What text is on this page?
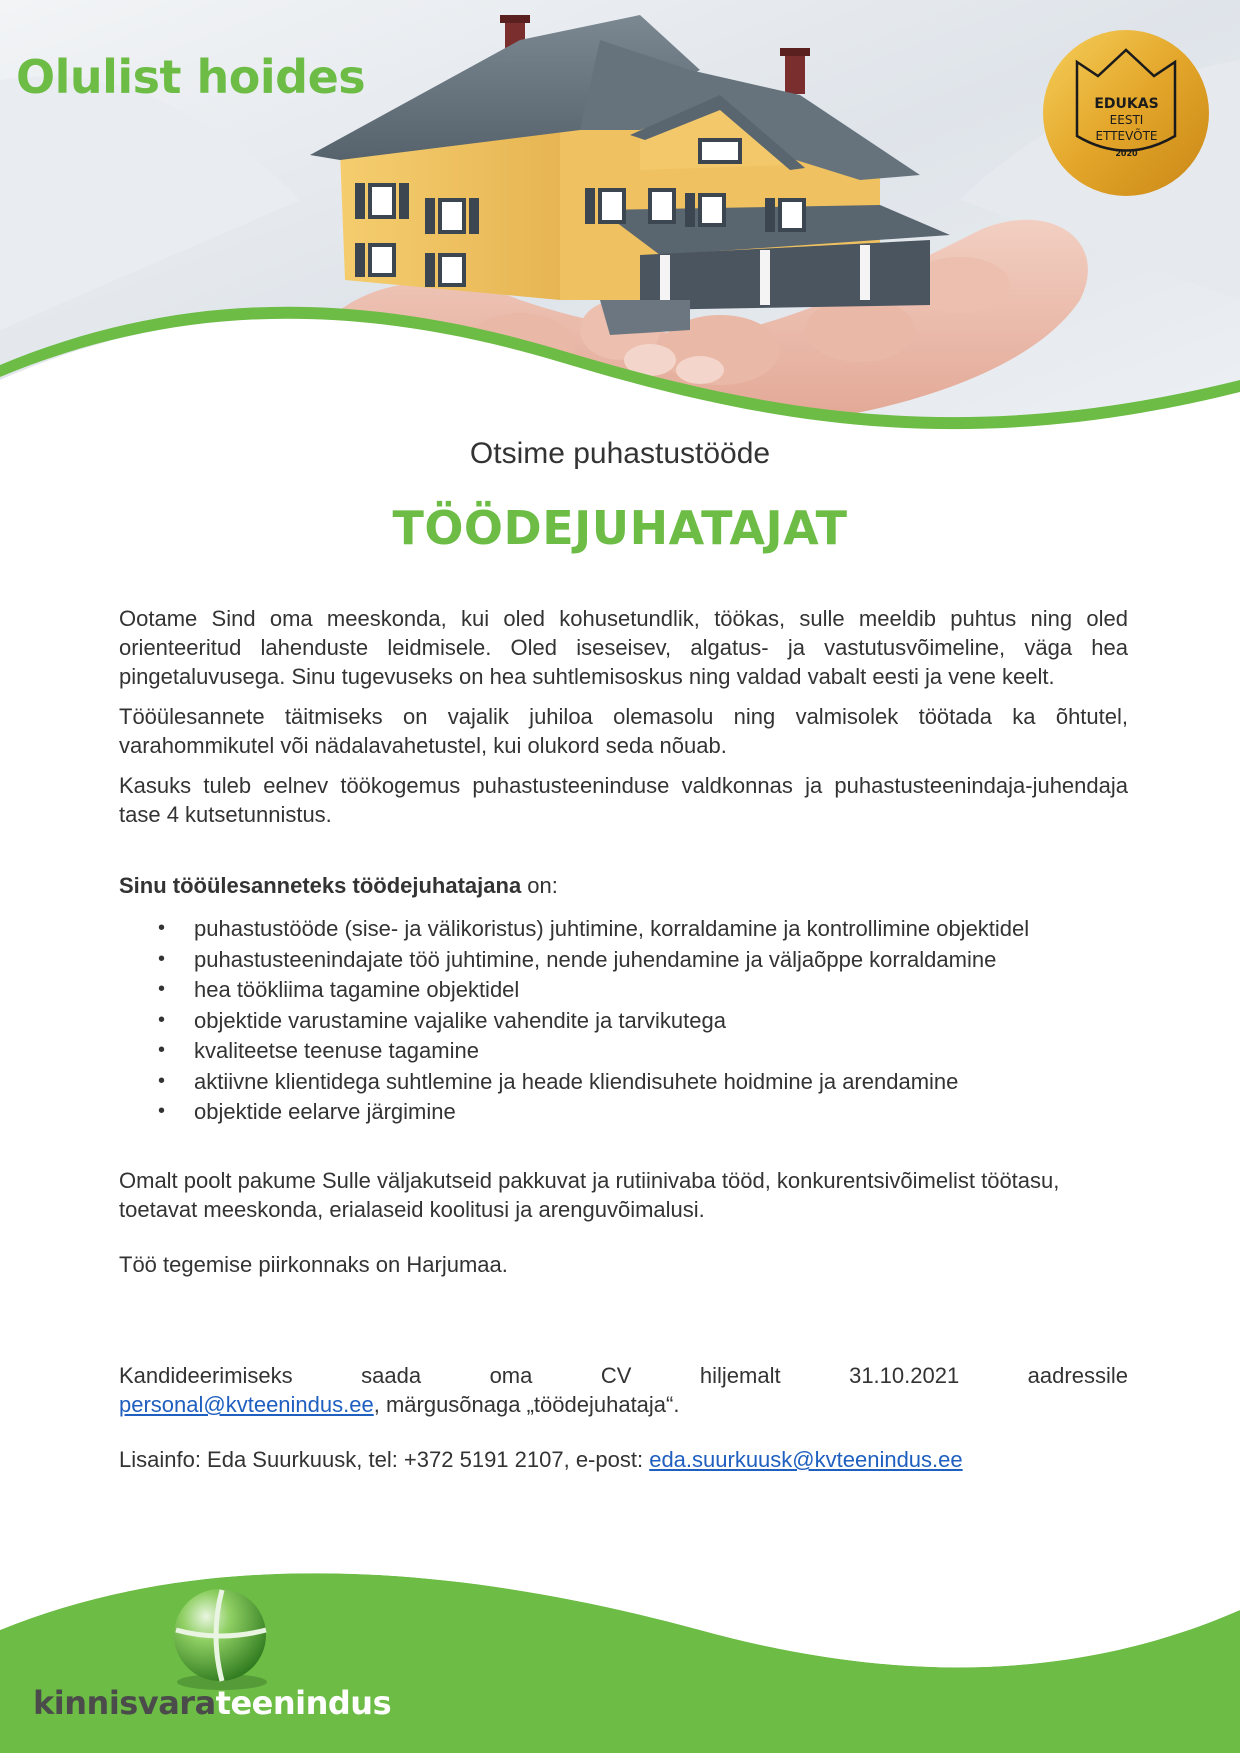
Olulist hoides	EDUKAS
EESTI
ETTEVÕTE
2020
Otsime puhastustööde
TÖÖDEJUHATAJAT

Ootame Sind oma meeskonda, kui oled kohusetundlik, töökas, sulle meeldib puhtus ning oled orienteeritud lahenduste leidmisele. Oled iseseisev, algatus- ja vastutusvõimeline, väga hea pingetaluvusega. Sinu tugevuseks on hea suhtlemisoskus ning valdad vabalt eesti ja vene keelt.

Tööülesannete täitmiseks on vajalik juhiloa olemasolu ning valmisolek töötada ka õhtutel, varahommikutel või nädalavahetustel, kui olukord seda nõuab.

Kasuks tuleb eelnev töökogemus puhastusteeninduse valdkonnas ja puhastusteenindaja-juhendaja tase 4 kutsetunnistus.

Sinu tööülesanneteks töödejuhatajana on:

• puhastustööde (sise- ja välikoristus) juhtimine, korraldamine ja kontrollimine objektidel
• puhastusteenindajate töö juhtimine, nende juhendamine ja väljaõppe korraldamine
• hea töökliima tagamine objektidel
• objektide varustamine vajalike vahendite ja tarvikutega
• kvaliteetse teenuse tagamine
• aktiivne klientidega suhtlemine ja heade kliendisuhete hoidmine ja arendamine
• objektide eelarve järgimine

Omalt poolt pakume Sulle väljakutseid pakkuvat ja rutiinivaba tööd, konkurentsivõimelist töötasu, toetavat meeskonda, erialaseid koolitusi ja arenguvõimalusi.

Töö tegemise piirkonnaks on Harjumaa.

Kandideerimiseks	saada	oma	CV	hiljemalt	31.10.2021	aadressile
personal@kvteenindus.ee, märgusõnaga „töödejuhataja“.

Lisainfo: Eda Suurkuusk, tel: +372 5191 2107, e-post: eda.suurkuusk@kvteenindus.ee

kinnisvarateenindus
